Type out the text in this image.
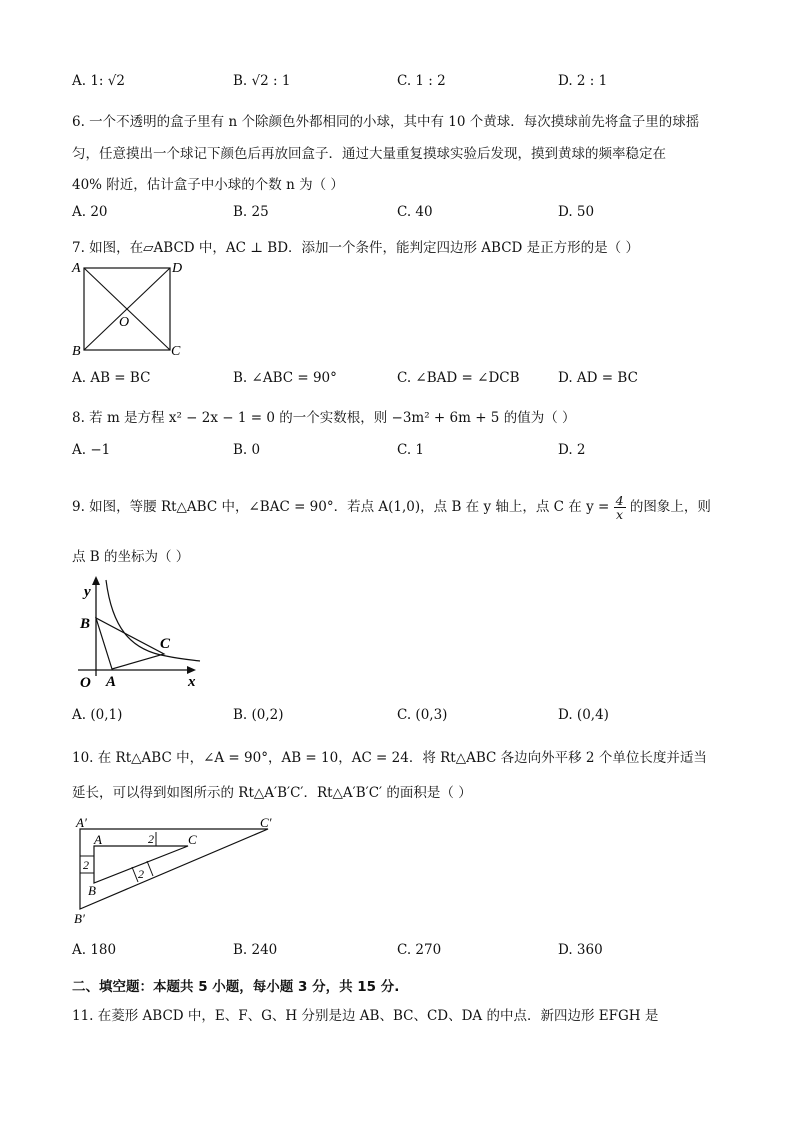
A. 1: √2	B. √2 : 1	C. 1 : 2	D. 2 : 1
6. 一个不透明的盒子里有 n 个除颜色外都相同的小球，其中有 10 个黄球．每次摸球前先将盒子里的球摇
匀，任意摸出一个球记下颜色后再放回盒子．通过大量重复摸球实验后发现，摸到黄球的频率稳定在
40% 附近，估计盒子中小球的个数 n 为（ ）
A. 20	B. 25	C. 40	D. 50
7. 如图，在▱ABCD 中，AC ⊥ BD．添加一个条件，能判定四边形 ABCD 是正方形的是（ ）
A	D
B	C
O
A. AB = BC	B. ∠ABC = 90°	C. ∠BAD = ∠DCB	D. AD = BC
8. 若 m 是方程 x² − 2x − 1 = 0 的一个实数根，则 −3m² + 6m + 5 的值为（ ）
A. −1	B. 0	C. 1	D. 2
9. 如图，等腰 Rt△ABC 中，∠BAC = 90°．若点 A(1,0)，点 B 在 y 轴上，点 C 在 $y = \frac{4}{x}$ 的图象上，则
点 B 的坐标为（ ）
y
x
O A
B
C
A. (0,1)	B. (0,2)	C. (0,3)	D. (0,4)
10. 在 Rt△ABC 中，∠A = 90°，AB = 10，AC = 24．将 Rt△ABC 各边向外平移 2 个单位长度并适当
延长，可以得到如图所示的 Rt△A′B′C′．Rt△A′B′C′ 的面积是（ ）
A′	C′
A	C
B
B′
2
2
2
A. 180	B. 240	C. 270	D. 360
二、填空题：本题共 5 小题，每小题 3 分，共 15 分.
11. 在菱形 ABCD 中，E、F、G、H 分别是边 AB、BC、CD、DA 的中点．新四边形 EFGH 是
